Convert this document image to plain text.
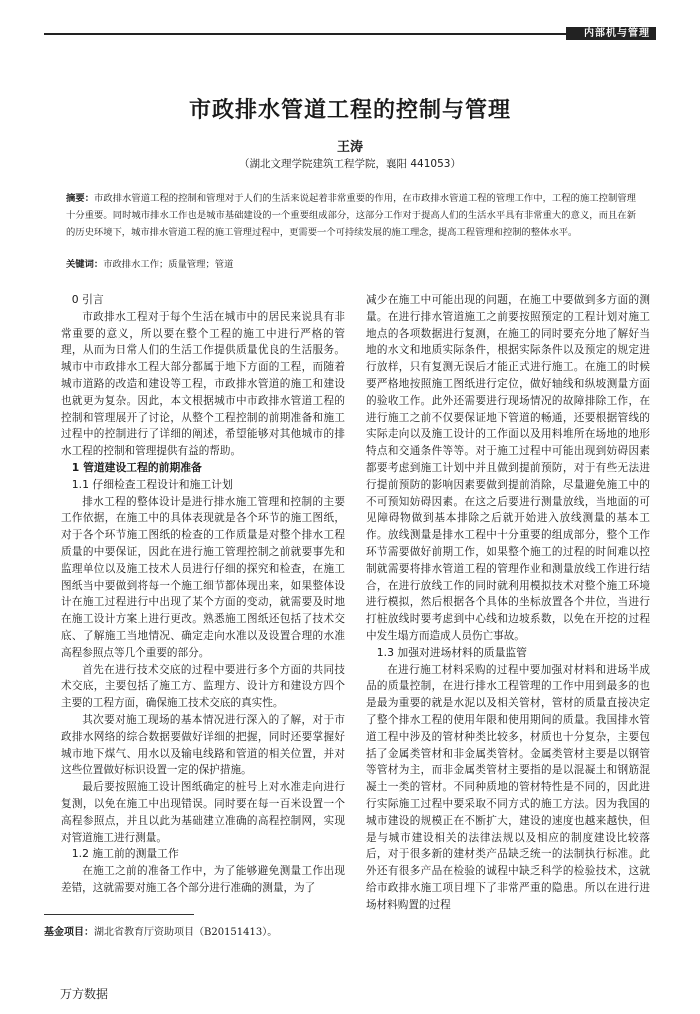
内部机与管理
市政排水管道工程的控制与管理
王涛
（湖北文理学院建筑工程学院，襄阳 441053）
摘要：市政排水管道工程的控制和管理对于人们的生活来说起着非常重要的作用，在市政排水管道工程的管理工作中，工程的施工控制管理十分重要。同时城市排水工作也是城市基础建设的一个重要组成部分，这部分工作对于提高人们的生活水平具有非常重大的意义，而且在新的历史环境下，城市排水管道工程的施工管理过程中，更需要一个可持续发展的施工理念，提高工程管理和控制的整体水平。
关键词：市政排水工作；质量管理；管道
0 引言

市政排水工程对于每个生活在城市中的居民来说具有非常重要的意义，所以要在整个工程的施工中进行严格的管理，从而为日常人们的生活工作提供质量优良的生活服务。城市中市政排水工程大部分都属于地下方面的工程，而随着城市道路的改造和建设等工程，市政排水管道的施工和建设也就更为复杂。因此，本文根据城市中市政排水管道工程的控制和管理展开了讨论，从整个工程控制的前期准备和施工过程中的控制进行了详细的阐述，希望能够对其他城市的排水工程的控制和管理提供有益的帮助。

1 管道建设工程的前期准备
1.1 仔细检查工程设计和施工计划

排水工程的整体设计是进行排水施工管理和控制的主要工作依据，在施工中的具体表现就是各个环节的施工图纸，对于各个环节施工图纸的检查的工作质量是对整个排水工程质量的中要保证，因此在进行施工管理控制之前就要事先和监理单位以及施工技术人员进行仔细的探究和检查，在施工图纸当中要做到将每一个施工细节都体现出来，如果整体设计在施工过程进行中出现了某个方面的变动，就需要及时地在施工设计方案上进行更改。熟悉施工图纸还包括了技术交底、了解施工当地情况、确定走向水准以及设置合理的水准高程参照点等几个重要的部分。

首先在进行技术交底的过程中要进行多个方面的共同技术交底，主要包括了施工方、监理方、设计方和建设方四个主要的工程方面，确保施工技术交底的真实性。

其次要对施工现场的基本情况进行深入的了解，对于市政排水网络的综合数据要做好详细的把握，同时还要掌握好城市地下煤气、用水以及输电线路和管道的相关位置，并对这些位置做好标识设置一定的保护措施。

最后要按照施工设计图纸确定的桩号上对水准走向进行复测，以免在施工中出现错误。同时要在每一百米设置一个高程参照点，并且以此为基础建立准确的高程控制网，实现对管道施工进行测量。

1.2 施工前的测量工作

在施工之前的准备工作中，为了能够避免测量工作出现差错，这就需要对施工各个部分进行准确的测量，为了

减少在施工中可能出现的问题，在施工中要做到多方面的测量。在进行排水管道施工之前要按照预定的工程计划对施工地点的各项数据进行复测，在施工的同时要充分地了解好当地的水文和地质实际条件，根据实际条件以及预定的规定进行放样，只有复测无误后才能正式进行施工。在施工的时候要严格地按照施工图纸进行定位，做好轴线和纵坡测量方面的验收工作。此外还需要进行现场情况的故障排除工作，在进行施工之前不仅要保证地下管道的畅通，还要根据管线的实际走向以及施工设计的工作面以及用料堆所在场地的地形特点和交通条件等等。对于施工过程中可能出现到妨碍因素都要考虑到施工计划中并且做到提前预防，对于有些无法进行提前预防的影响因素要做到提前消除，尽量避免施工中的不可预知妨碍因素。在这之后要进行测量放线，当地面的可见障碍物做到基本排除之后就开始进入放线测量的基本工作。放线测量是排水工程中十分重要的组成部分，整个工作环节需要做好前期工作，如果整个施工的过程的时间难以控制就需要将排水管道工程的管理作业和测量放线工作进行结合，在进行放线工作的同时就利用模拟技术对整个施工环境进行模拟，然后根据各个具体的坐标放置各个井位，当进行打桩放线时要考虑到中心线和边坡系数，以免在开挖的过程中发生塌方而造成人员伤亡事故。

1.3 加强对进场材料的质量监管

在进行施工材料采购的过程中要加强对材料和进场半成品的质量控制，在进行排水工程管理的工作中用到最多的也是最为重要的就是水泥以及相关管材，管材的质量直接决定了整个排水工程的使用年限和使用期间的质量。我国排水管道工程中涉及的管材种类比较多，材质也十分复杂，主要包括了金属类管材和非金属类管材。金属类管材主要是以钢管等管材为主，而非金属类管材主要指的是以混凝土和钢筋混凝土一类的管材。不同种质地的管材特性是不同的，因此进行实际施工过程中要采取不同方式的施工方法。因为我国的城市建设的规模正在不断扩大，建设的速度也越来越快，但是与城市建设相关的法律法规以及相应的制度建设比较落后，对于很多新的建材类产品缺乏统一的法制执行标准。此外还有很多产品在检验的诚程中缺乏科学的检验技术，这就给市政排水施工项目埋下了非常严重的隐患。所以在进行进场材料购置的过程

基金项目：湖北省教育厅资助项目（B20151413）。
万方数据
